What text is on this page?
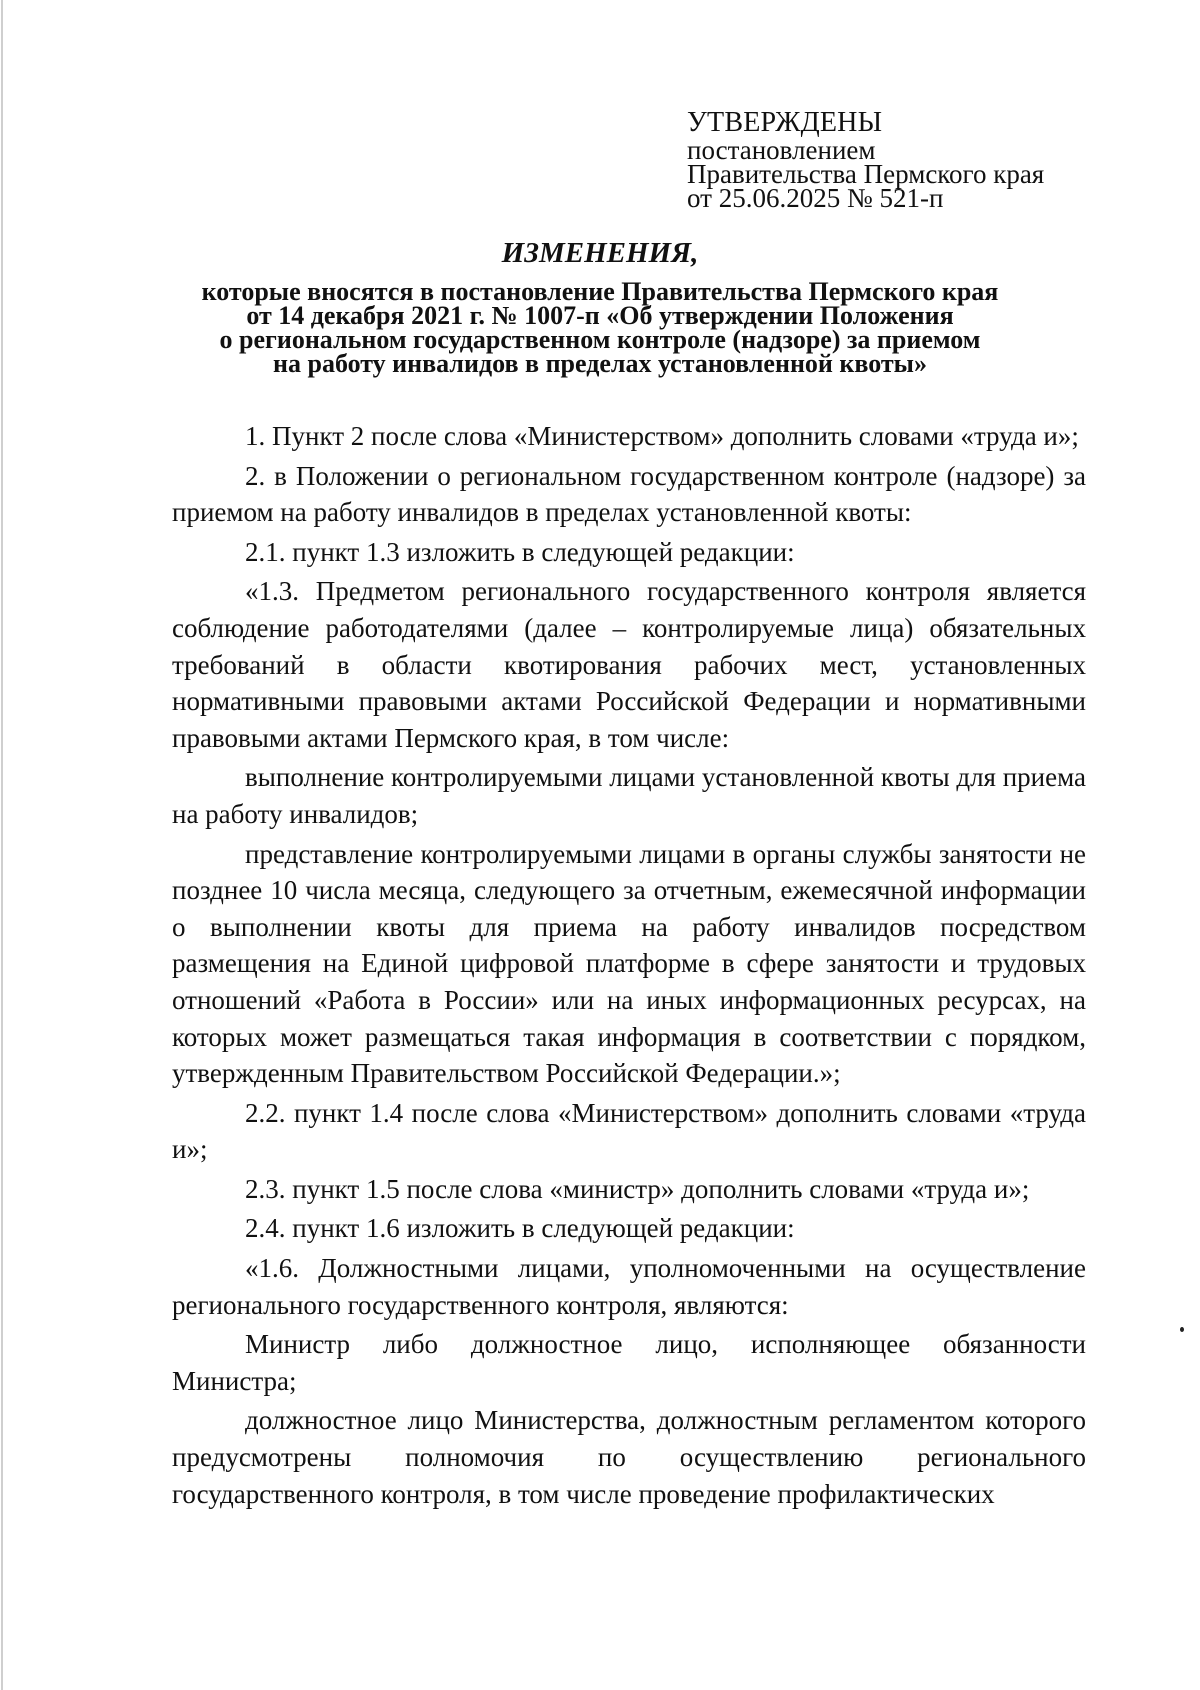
УТВЕРЖДЕНЫ
постановлением
Правительства Пермского края
от 25.06.2025 № 521-п
ИЗМЕНЕНИЯ,
которые вносятся в постановление Правительства Пермского края
от 14 декабря 2021 г. № 1007-п «Об утверждении Положения
о региональном государственном контроле (надзоре) за приемом
на работу инвалидов в пределах установленной квоты»

1. Пункт 2 после слова «Министерством» дополнить словами «труда и»;

2. в Положении о региональном государственном контроле (надзоре) за приемом на работу инвалидов в пределах установленной квоты:

2.1. пункт 1.3 изложить в следующей редакции:

«1.3. Предметом регионального государственного контроля является соблюдение работодателями (далее – контролируемые лица) обязательных требований в области квотирования рабочих мест, установленных нормативными правовыми актами Российской Федерации и нормативными правовыми актами Пермского края, в том числе:

выполнение контролируемыми лицами установленной квоты для приема на работу инвалидов;

представление контролируемыми лицами в органы службы занятости не позднее 10 числа месяца, следующего за отчетным, ежемесячной информации о выполнении квоты для приема на работу инвалидов посредством размещения на Единой цифровой платформе в сфере занятости и трудовых отношений «Работа в России» или на иных информационных ресурсах, на которых может размещаться такая информация в соответствии с порядком, утвержденным Правительством Российской Федерации.»;

2.2. пункт 1.4 после слова «Министерством» дополнить словами «труда и»;

2.3. пункт 1.5 после слова «министр» дополнить словами «труда и»;

2.4. пункт 1.6 изложить в следующей редакции:

«1.6. Должностными лицами, уполномоченными на осуществление регионального государственного контроля, являются:

Министр либо должностное лицо, исполняющее обязанности Министра;

должностное лицо Министерства, должностным регламентом которого предусмотрены полномочия по осуществлению регионального государственного контроля, в том числе проведение профилактических
